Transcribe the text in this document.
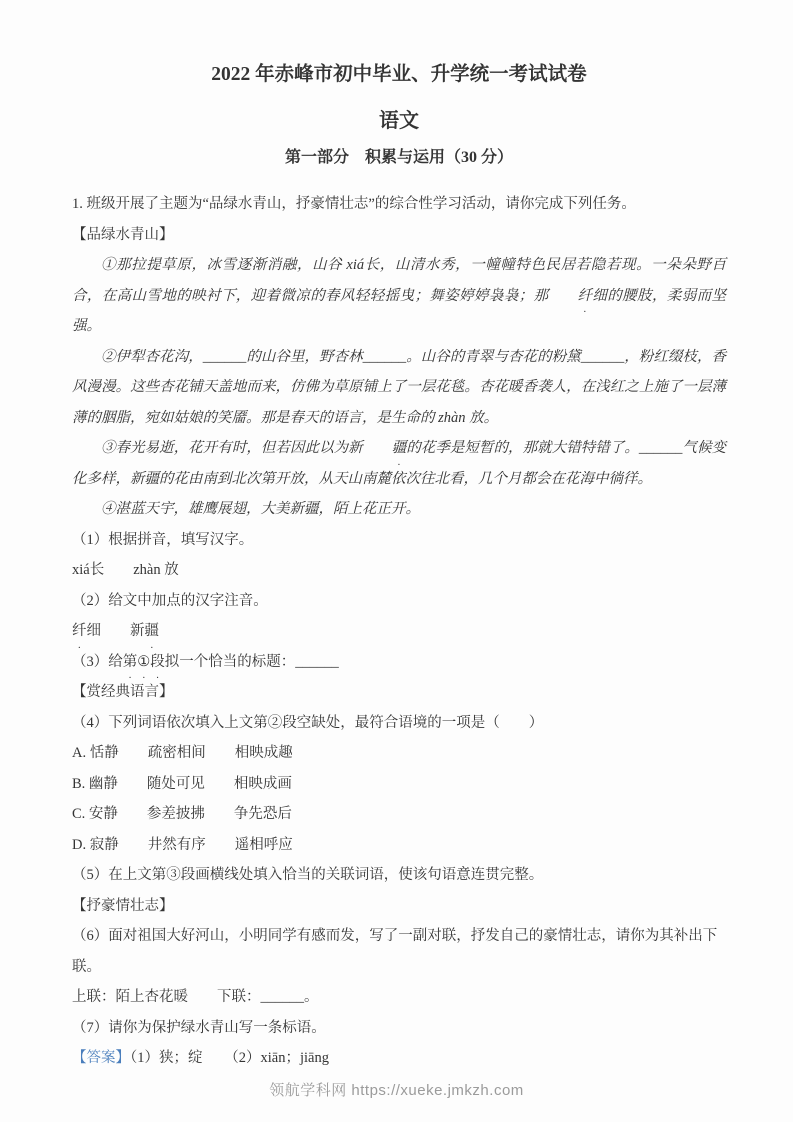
2022 年赤峰市初中毕业、升学统一考试试卷
语文
第一部分　积累与运用（30 分）

1. 班级开展了主题为“品绿水青山，抒豪情壮志”的综合性学习活动，请你完成下列任务。

【品绿水青山】

①那拉提草原，冰雪逐渐消融，山谷 xiá长，山清水秀，一幢幢特色民居若隐若现。一朵朵野百合，在高山雪地的映衬下，迎着微凉的春风轻轻摇曳；舞姿婷婷袅袅；那 纤细的腰肢，柔弱而坚强。

②伊犁杏花沟，______的山谷里，野杏林______。山谷的青翠与杏花的粉黛______，粉红缀枝，香风漫漫。这些杏花铺天盖地而来，仿佛为草原铺上了一层花毯。杏花暖香袭人，在浅红之上施了一层薄薄的胭脂，宛如姑娘的笑靥。那是春天的语言，是生命的 zhàn 放。

③春光易逝，花开有时，但若因此以为新 疆的花季是短暂的，那就大错特错了。______气候变化多样，新疆的花由南到北次第开放，从天山南麓依次往北看，几个月都会在花海中徜徉。

④湛蓝天宇，雄鹰展翅，大美新疆，陌上花正开。

（1）根据拼音，填写汉字。

xiá长　　zhàn 放

（2）给文中加点的汉字注音。

纤细　　新疆

（3）给第① ·段拟一个恰当的标题：______

【赏经典语言】

（4）下列词语依次填入上文第②段空缺处，最符合语境的一项是（　　）

A. 恬静　　疏密相间　　相映成趣

B. 幽静　　随处可见　　相映成画

C. 安静　　参差披拂　　争先恐后

D. 寂静　　井然有序　　遥相呼应

（5）在上文第③段画横线处填入恰当的关联词语，使该句语意连贯完整。

【抒豪情壮志】

（6）面对祖国大好河山，小明同学有感而发，写了一副对联，抒发自己的豪情壮志，请你为其补出下联。

上联：陌上杏花暖　　下联：______。

（7）请你为保护绿水青山写一条标语。

【答案】（1）狭；绽　　（2）xiān；jiāng

领航学科网 https://xueke.jmkzh.com
